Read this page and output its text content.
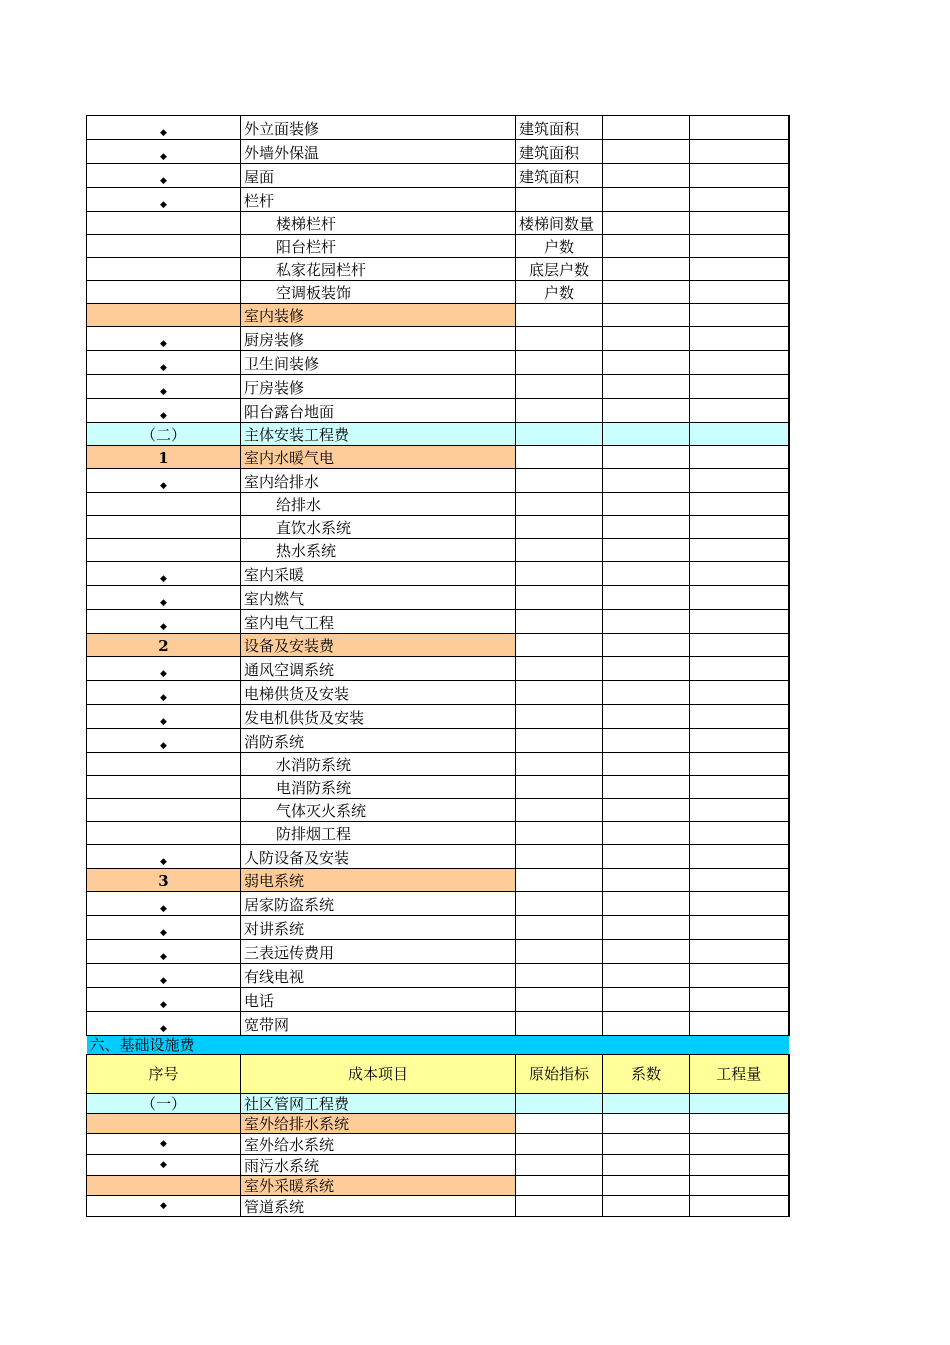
◆	外立面装修	建筑面积		
◆	外墙外保温	建筑面积		
◆	屋面	建筑面积		
◆	栏杆			
	楼梯栏杆	楼梯间数量		
	阳台栏杆	户数		
	私家花园栏杆	底层户数		
	空调板装饰	户数		
	室内装修			
◆	厨房装修			
◆	卫生间装修			
◆	厅房装修			
◆	阳台露台地面			
（二）	主体安装工程费			
1	室内水暖气电			
◆	室内给排水			
	给排水			
	直饮水系统			
	热水系统			
◆	室内采暖			
◆	室内燃气			
◆	室内电气工程			
2	设备及安装费			
◆	通风空调系统			
◆	电梯供货及安装			
◆	发电机供货及安装			
◆	消防系统			
	水消防系统			
	电消防系统			
	气体灭火系统			
	防排烟工程			
◆	人防设备及安装			
3	弱电系统			
◆	居家防盗系统			
◆	对讲系统			
◆	三表远传费用			
◆	有线电视			
◆	电话			
◆	宽带网			
六、基础设施费				
序号	成本项目	原始指标	系数	工程量
（一）	社区管网工程费			
	室外给排水系统			
◆	室外给水系统			
◆	雨污水系统			
	室外采暖系统			
◆	管道系统			
